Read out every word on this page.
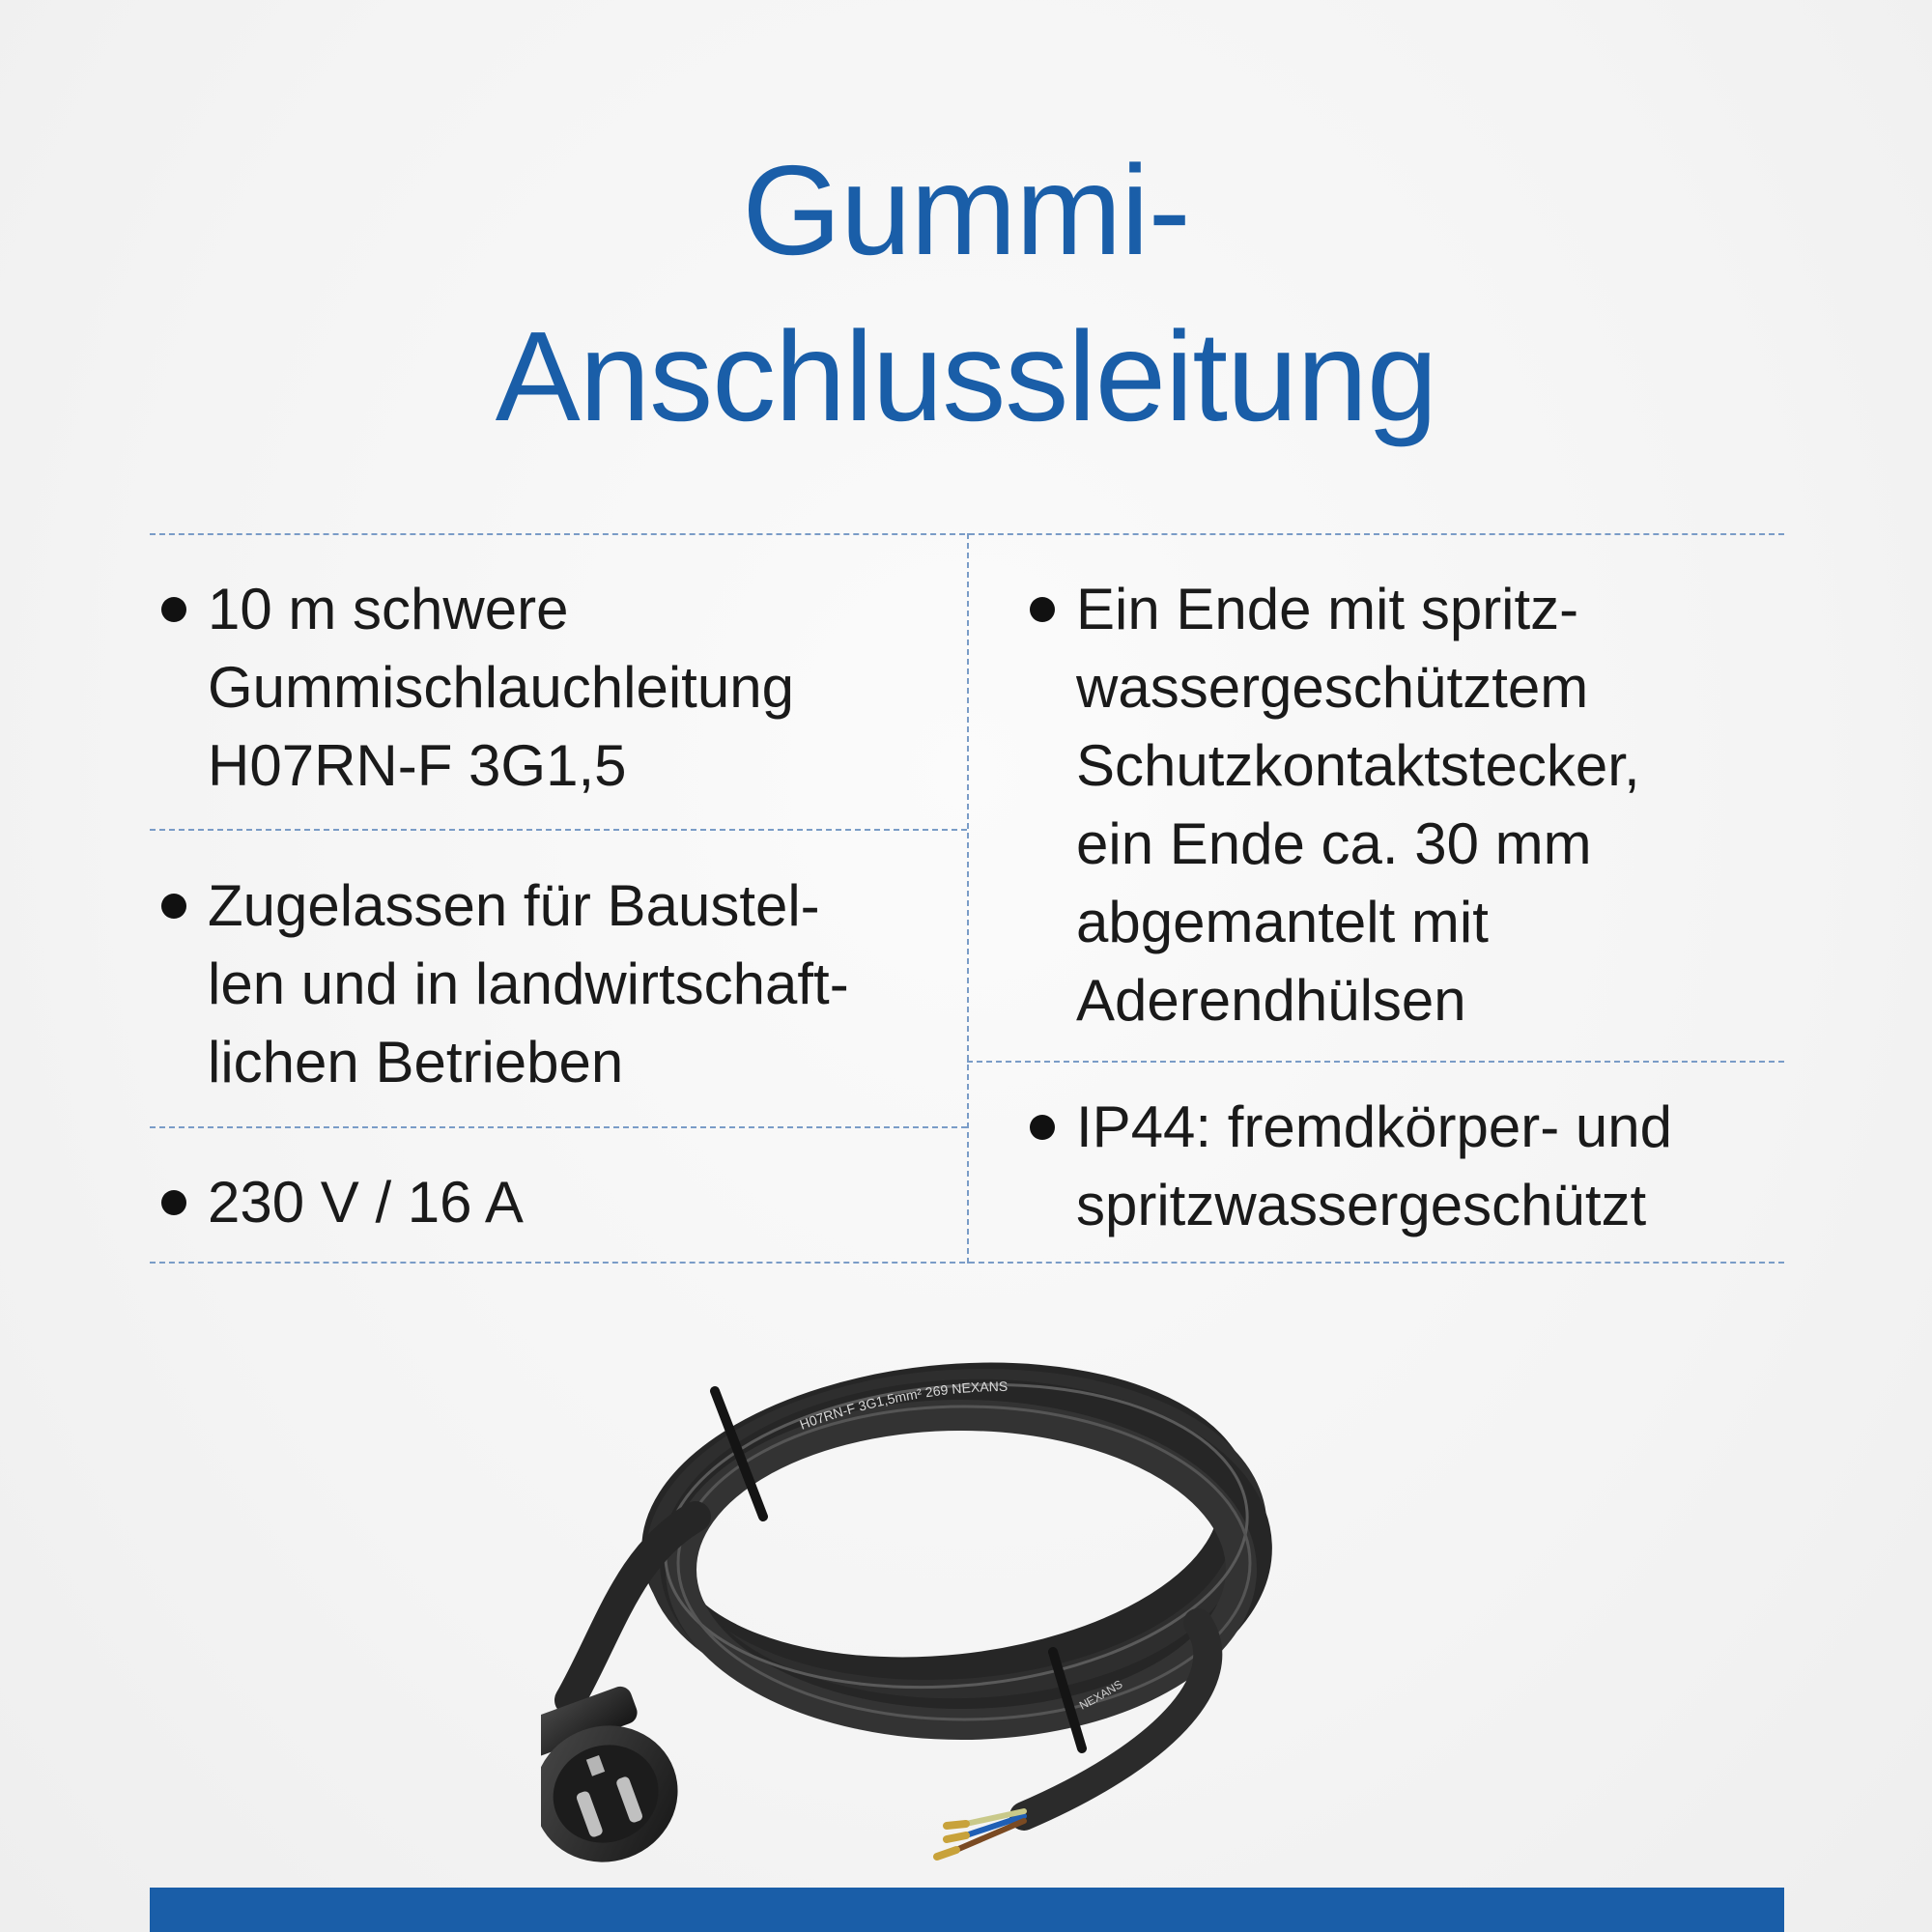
Gummi-
Anschlussleitung
10 m schwere
Gummischlauchleitung
H07RN-F 3G1,5
Zugelassen für Baustel-
len und in landwirtschaft-
lichen Betrieben
230 V / 16 A
Ein Ende mit spritz-
wassergeschütztem
Schutzkontaktstecker,
ein Ende ca. 30 mm
abgemantelt mit
Aderendhülsen
IP44: fremdkörper- und
spritzwassergeschützt
H07RN-F 3G1,5mm² 269 NEXANS
NEXANS
